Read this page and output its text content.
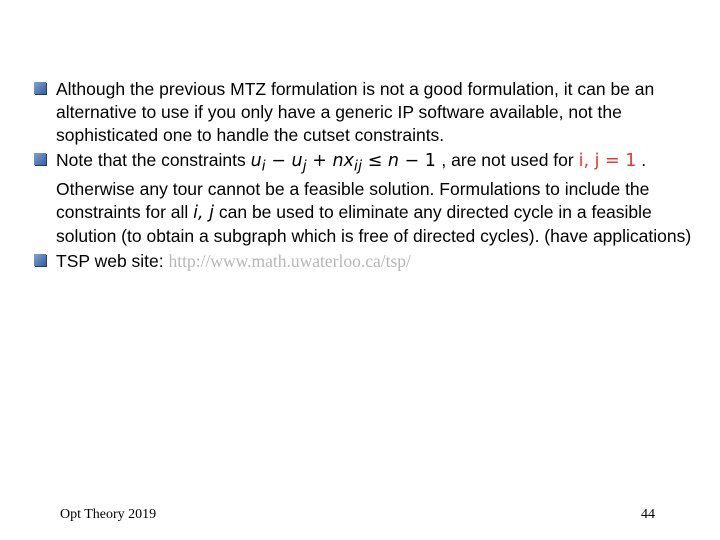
Although the previous MTZ formulation is not a good formulation, it can be an alternative to use if you only have a generic IP software available, not the sophisticated one to handle the cutset constraints.
Note that the constraints $u_i - u_j + nx_{ij} \le n - 1$ , are not used for i, j = 1 . Otherwise any tour cannot be a feasible solution. Formulations to include the constraints for all i, j can be used to eliminate any directed cycle in a feasible solution (to obtain a subgraph which is free of directed cycles). (have applications)
TSP web site: http://www.math.uwaterloo.ca/tsp/
Opt Theory 2019	44
